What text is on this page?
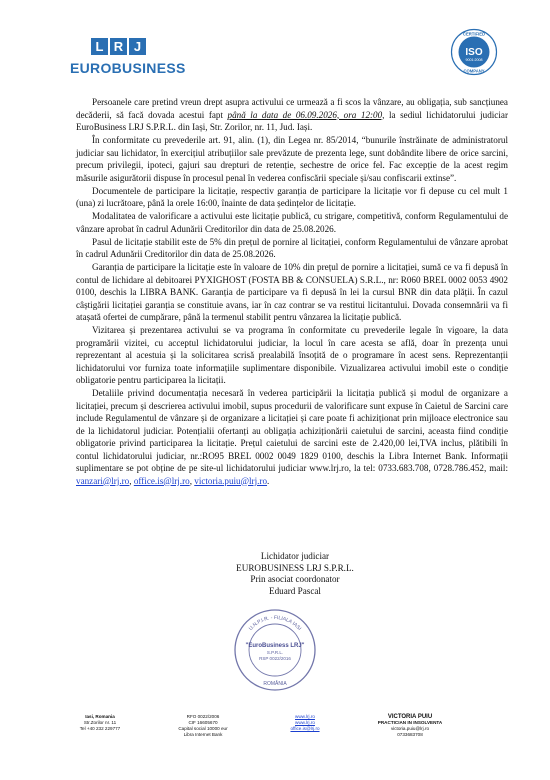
L R J
EUROBUSINESS
CERTIFIED
ISO
9001:2008
COMPANY

Persoanele care pretind vreun drept asupra activului ce urmează a fi scos la vânzare, au obligația, sub sancțiunea decăderii, să facă dovada acestui fapt până la data de 06.09.2026, ora 12:00, la sediul lichidatorului judiciar EuroBusiness LRJ S.P.R.L. din Iași, Str. Zorilor, nr. 11, Jud. Iași.

În conformitate cu prevederile art. 91, alin. (1), din Legea nr. 85/2014, “bunurile înstrăinate de administratorul judiciar sau lichidator, în exercițiul atribuțiilor sale prevăzute de prezenta lege, sunt dobândite libere de orice sarcini, precum privilegii, ipoteci, gajuri sau drepturi de retenție, sechestre de orice fel. Fac excepție de la acest regim măsurile asigurătorii dispuse în procesul penal în vederea confiscării speciale și/sau confiscarii extinse”.

Documentele de participare la licitație, respectiv garanția de participare la licitație vor fi depuse cu cel mult 1 (una) zi lucrătoare, până la orele 16:00, înainte de data ședințelor de licitație.

Modalitatea de valorificare a activului este licitație publică, cu strigare, competitivă, conform Regulamentului de vânzare aprobat în cadrul Adunării Creditorilor din data de 25.08.2026.

Pasul de licitație stabilit este de 5% din prețul de pornire al licitației, conform Regulamentului de vânzare aprobat în cadrul Adunării Creditorilor din data de 25.08.2026.

Garanția de participare la licitație este în valoare de 10% din prețul de pornire a licitației, sumă ce va fi depusă în contul de lichidare al debitoarei PYXIGHOST (FOSTA BB & CONSUELA) S.R.L., nr: R060 BREL 0002 0053 4902 0100, deschis la LIBRA BANK. Garanția de participare va fi depusă în lei la cursul BNR din data plății. În cazul câștigării licitației garanția se constituie avans, iar în caz contrar se va restitui licitantului. Dovada consemnării va fi atașată ofertei de cumpărare, până la termenul stabilit pentru vânzarea la licitație publică.

Vizitarea și prezentarea activului se va programa în conformitate cu prevederile legale în vigoare, la data programării vizitei, cu acceptul lichidatorului judiciar, la locul în care acesta se află, doar în prezența unui reprezentant al acestuia și la solicitarea scrisă prealabilă însoțită de o programare în acest sens. Reprezentanții lichidatorului vor furniza toate informațiile suplimentare disponibile. Vizualizarea activului imobil este o condiție obligatorie pentru participarea la licitații.

Detaliile privind documentația necesară în vederea participării la licitația publică și modul de organizare a licitației, precum și descrierea activului imobil, supus procedurii de valorificare sunt expuse în Caietul de Sarcini care include Regulamentul de vânzare și de organizare a licitației și care poate fi achiziționat prin mijloace electronice sau de la lichidatorul judiciar. Potențialii ofertanți au obligația achiziționării caietului de sarcini, aceasta fiind condiție obligatorie privind participarea la licitație. Prețul caietului de sarcini este de 2.420,00 lei,TVA inclus, plătibili în contul lichidatorului judiciar, nr.:RO95 BREL 0002 0049 1829 0100, deschis la Libra Internet Bank. Informații suplimentare se pot obține de pe site-ul lichidatorului judiciar www.lrj.ro, la tel: 0733.683.708, 0728.786.452, mail: vanzari@lrj.ro, office.is@lrj.ro, victoria.puiu@lrj.ro.

Lichidator judiciar
EUROBUSINESS LRJ S.P.R.L.
Prin asociat coordonator
Eduard Pascal
U.N.P.I.R. - FILIALA IASI
"EuroBusiness LRJ"
S.P.R.L.
RSP 0022/2016
ROMÂNIA
Iasi, Romania
Str.Zorilor nr. 11
Tel +40 232 229777
RFO 0022/2006
CIF 16605670
Capital social 10000 eur
Libra Internet Bank
www.lrj.ro
www.lrj.ro
office.is@lrj.ro
VICTORIA PUIU
PRACTICIAN IN INSOLVENTA
victoria.puiu@lrj.ro
0733683708
